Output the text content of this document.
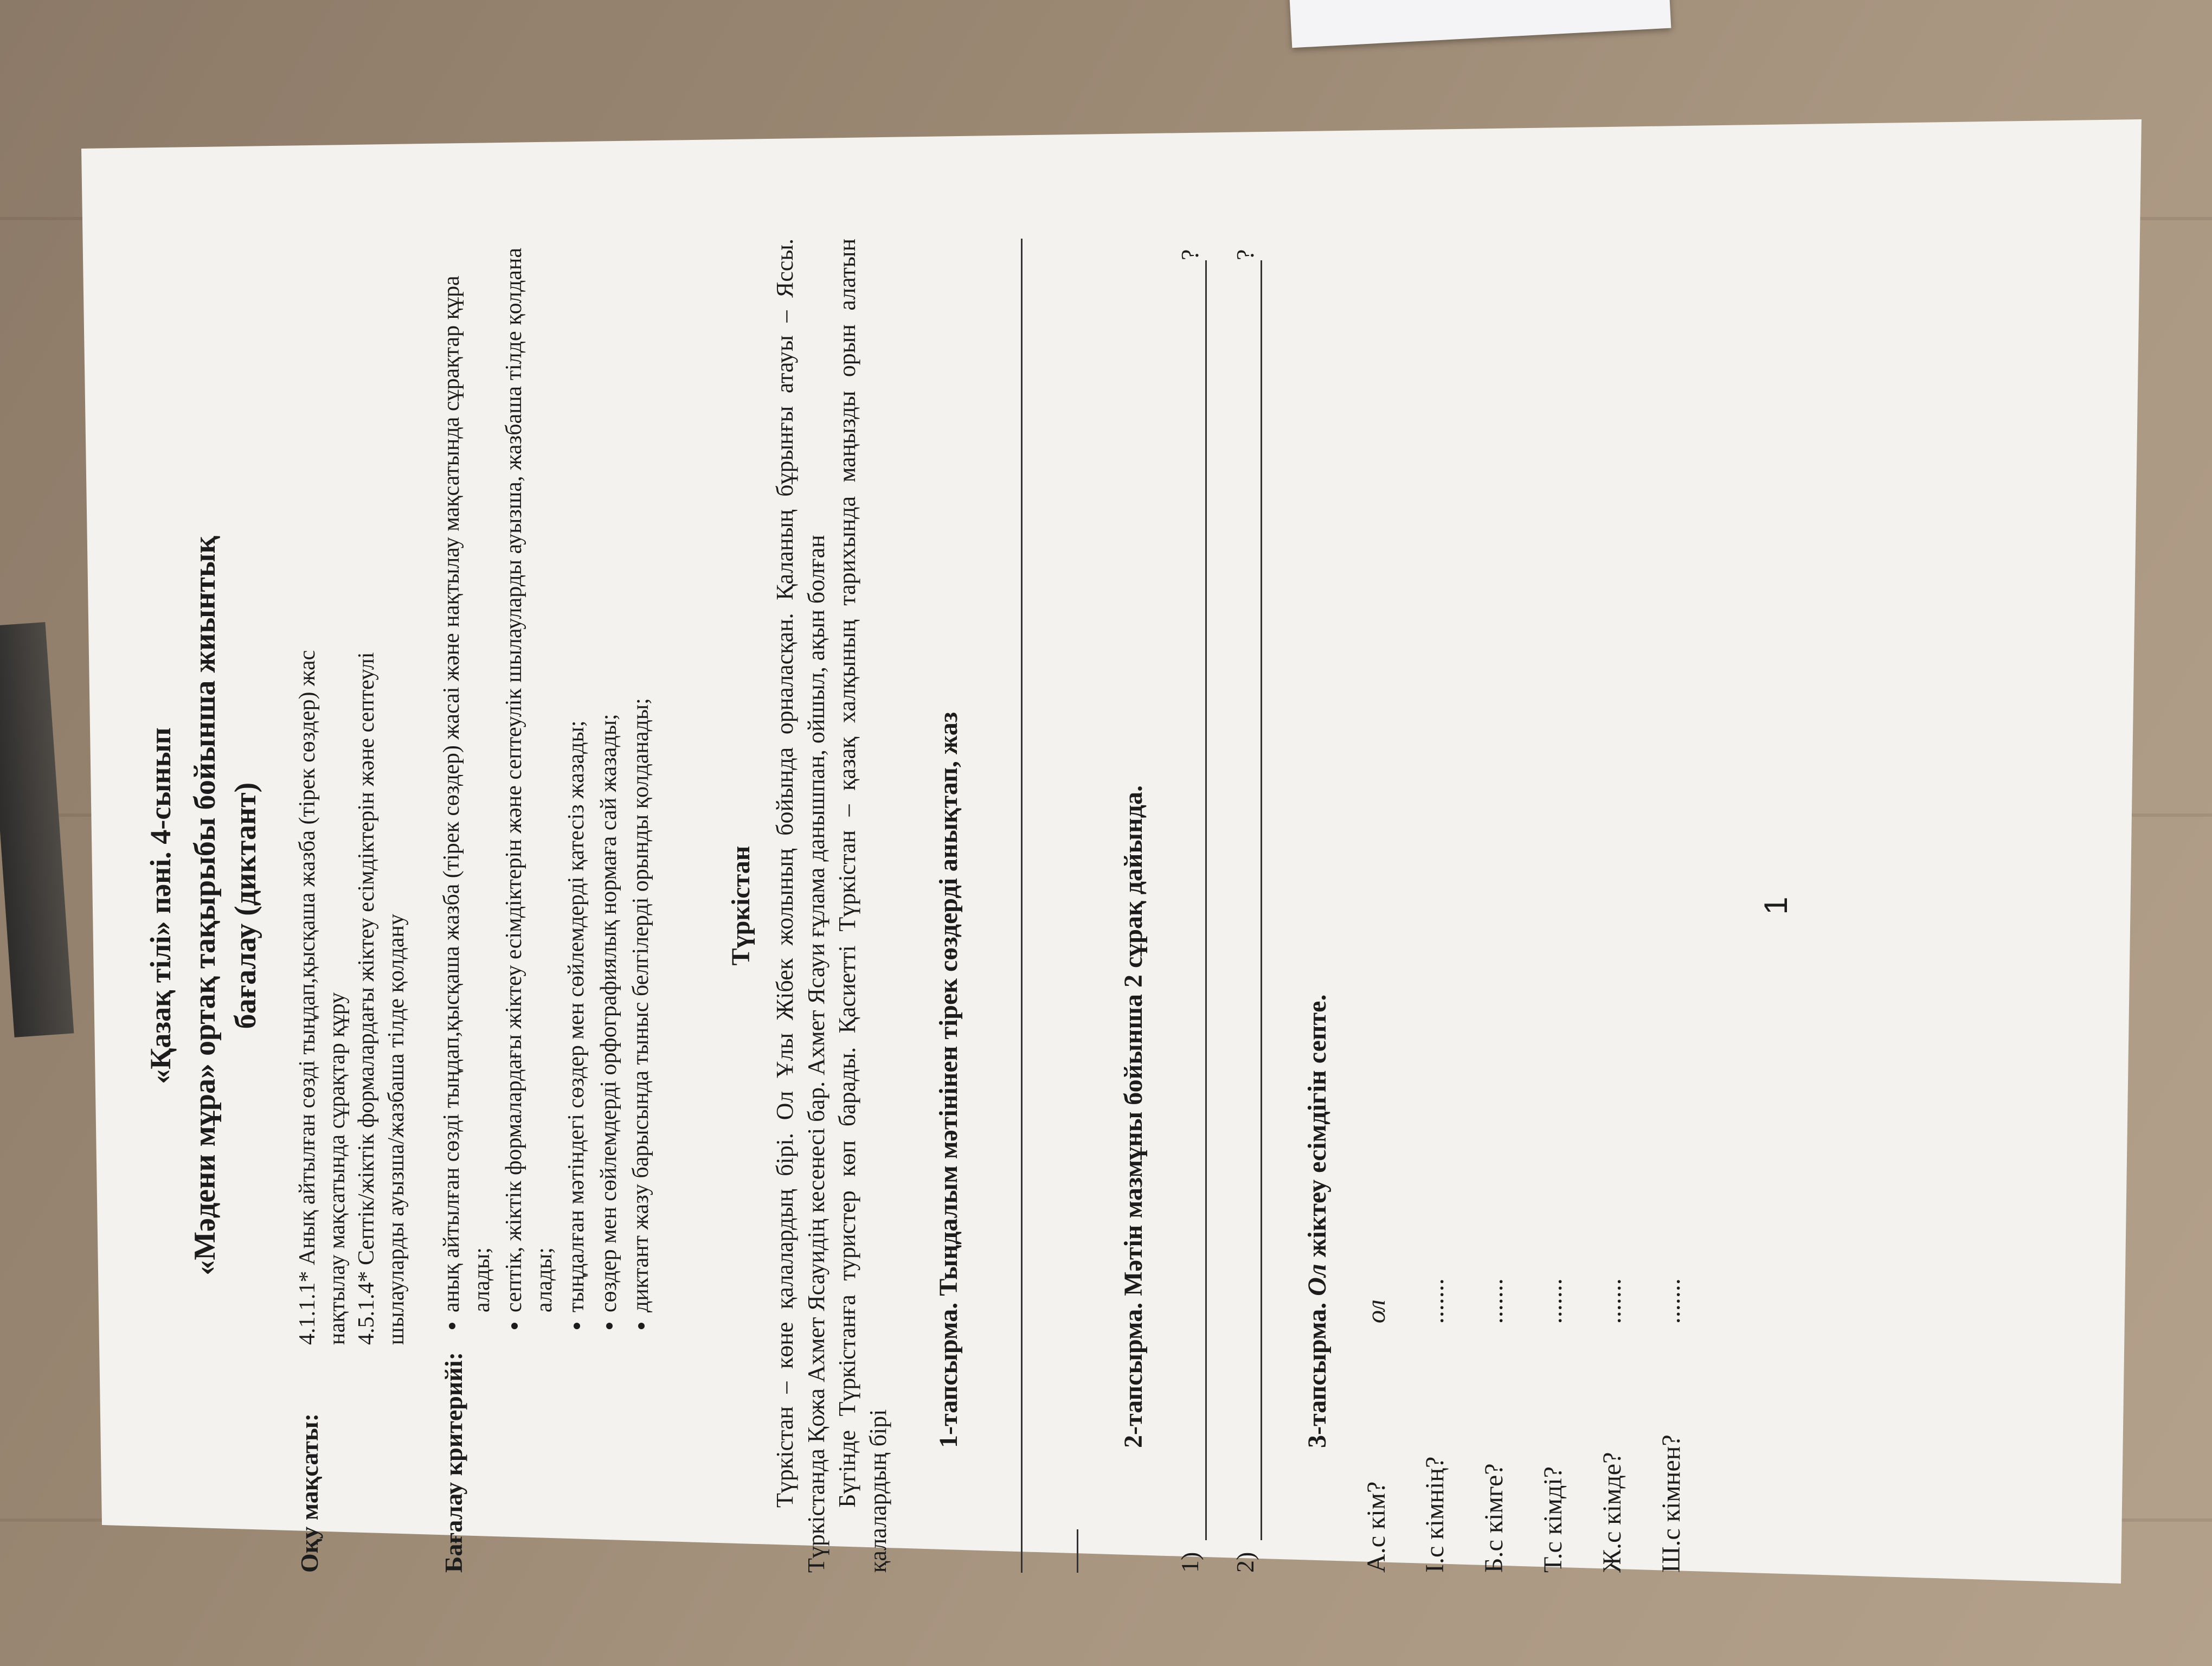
«Қазақ тілі» пәні. 4-сынып «Мәдени мұра» ортақ тақырыбы бойынша жиынтық бағалау (диктант)

Оқу мақсаты:
4.1.1.1* Анық айтылған сөзді тыңдап,қысқаша жазба (тірек сөздер) жас нақтылау мақсатында сұрақтар құру 4.5.1.4* Септік/жіктік формалардағы жіктеу есімдіктерін және септеулі шылауларды ауызша/жазбаша тілде қолдану
Бағалау критерийі:
• анық айтылған сөзді тыңдап,қысқаша жазба (тірек сөздер) жасаі және нақтылау мақсатында сұрақтар құра алады; • септік, жіктік формалардағы жіктеу есімдіктерін және септеулік шылауларды ауызша, жазбаша тілде қолдана алады; • тыңдалған мәтіндегі сөздер мен сөйлемдерді қатесіз жазады; • сөздер мен сөйлемдерді орфографиялық нормаға сай жазады; • диктант жазу барысында тыныс белгілерді орынды қолданады;	Түркістан Түркістан – көне қалалардың бірі. Ол Ұлы Жібек жолының бойында орналасқан. Қаланың бұрынғы атауы – Яссы. Түркістанда Қожа Ахмет Ясауидің кесенесі бар. Ахмет Ясауи ғұлама данышпан, ойшыл, ақын болған Бүгінде Түркістанға туристер көп барады. Қасиетті Түркістан – қазақ халқының тарихында маңызды орын алатын қалалардың бірі

1-тапсырма. Тыңдалым мәтінінен тірек сөздерді анықтап, жаз	2-тапсырма. Мәтін мазмұны бойынша 2 сұрақ дайында.
1)
?
2)
?
3-тапсырма. Ол жіктеу есімдігін септе.
А.с кім?
ол
І.с кімнің?
.......
Б.с кімге?
.......
Т.с кімді?
.......
Ж.с кімде?
.......
Ш.с кімнен?
.......
1
